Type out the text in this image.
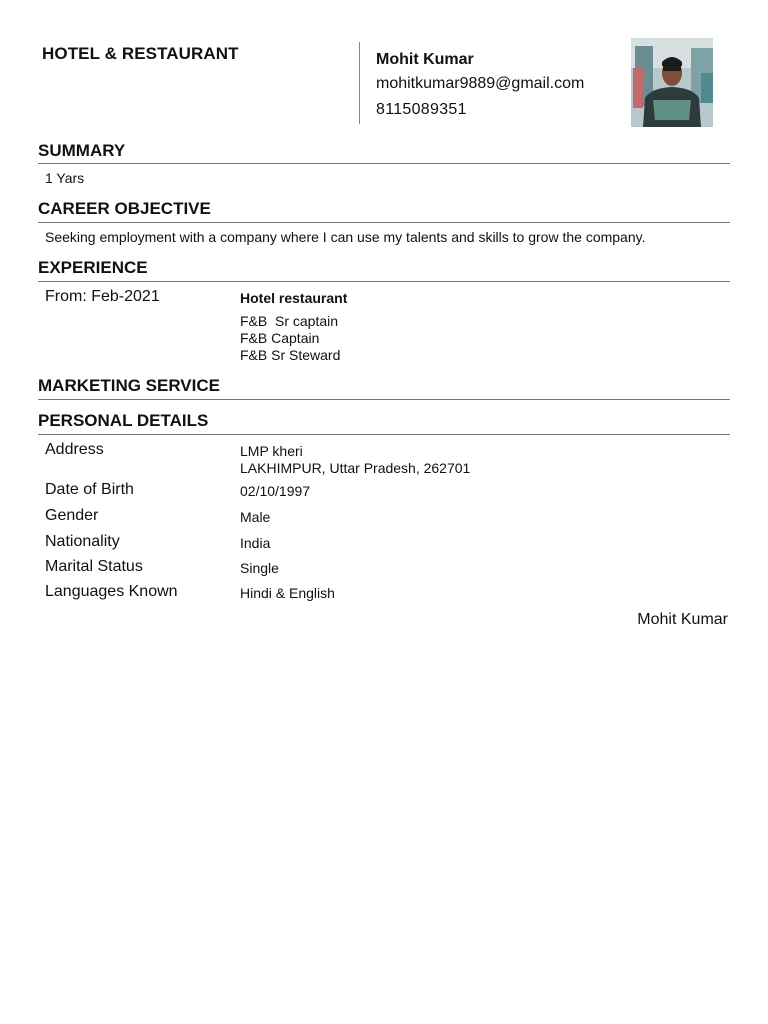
HOTEL & RESTAURANT	Mohit Kumar
mohitkumar9889@gmail.com
8115089351
SUMMARY
1 Yars
CAREER OBJECTIVE
Seeking employment with a company where I can use my talents and skills to grow the company.
EXPERIENCE
From: Feb-2021	Hotel restaurant
F&B  Sr captain
F&B Captain
F&B Sr Steward
MARKETING SERVICE
PERSONAL DETAILS
Address	LMP kheri
LAKHIMPUR, Uttar Pradesh, 262701
Date of Birth	02/10/1997
Gender	Male
Nationality	India
Marital Status	Single
Languages Known	Hindi & English
Mohit Kumar
